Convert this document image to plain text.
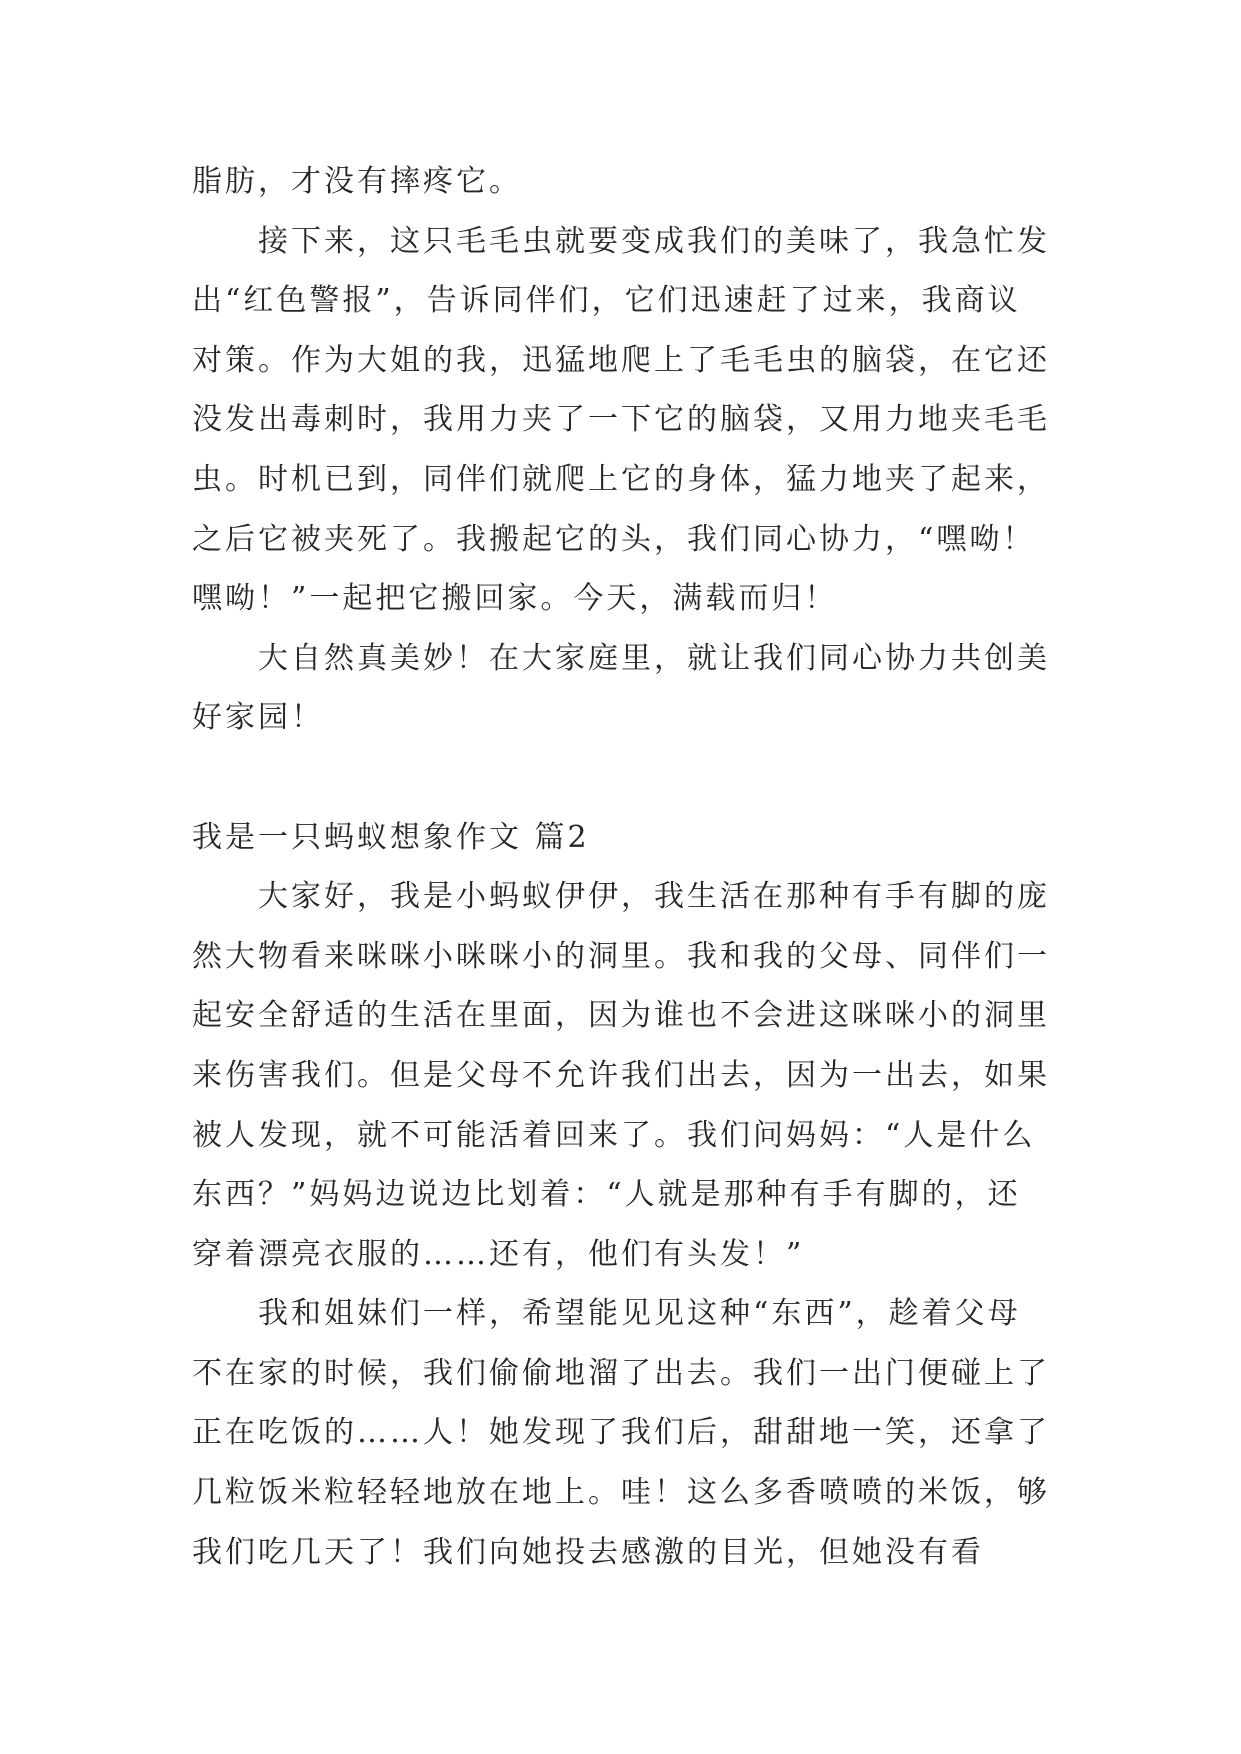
脂肪，才没有摔疼它。
接下来，这只毛毛虫就要变成我们的美味了，我急忙发
出“红色警报”，告诉同伴们，它们迅速赶了过来，我商议
对策。作为大姐的我，迅猛地爬上了毛毛虫的脑袋，在它还
没发出毒刺时，我用力夹了一下它的脑袋，又用力地夹毛毛
虫。时机已到，同伴们就爬上它的身体，猛力地夹了起来，
之后它被夹死了。我搬起它的头，我们同心协力，“嘿呦！
嘿呦！”一起把它搬回家。今天，满载而归！
大自然真美妙！在大家庭里，就让我们同心协力共创美
好家园！
我是一只蚂蚁想象作文 篇2
大家好，我是小蚂蚁伊伊，我生活在那种有手有脚的庞
然大物看来咪咪小咪咪小的洞里。我和我的父母、同伴们一
起安全舒适的生活在里面，因为谁也不会进这咪咪小的洞里
来伤害我们。但是父母不允许我们出去，因为一出去，如果
被人发现，就不可能活着回来了。我们问妈妈：“人是什么
东西？”妈妈边说边比划着：“人就是那种有手有脚的，还
穿着漂亮衣服的……还有，他们有头发！”
我和姐妹们一样，希望能见见这种“东西”，趁着父母
不在家的时候，我们偷偷地溜了出去。我们一出门便碰上了
正在吃饭的……人！她发现了我们后，甜甜地一笑，还拿了
几粒饭米粒轻轻地放在地上。哇！这么多香喷喷的米饭，够
我们吃几天了！我们向她投去感激的目光，但她没有看
